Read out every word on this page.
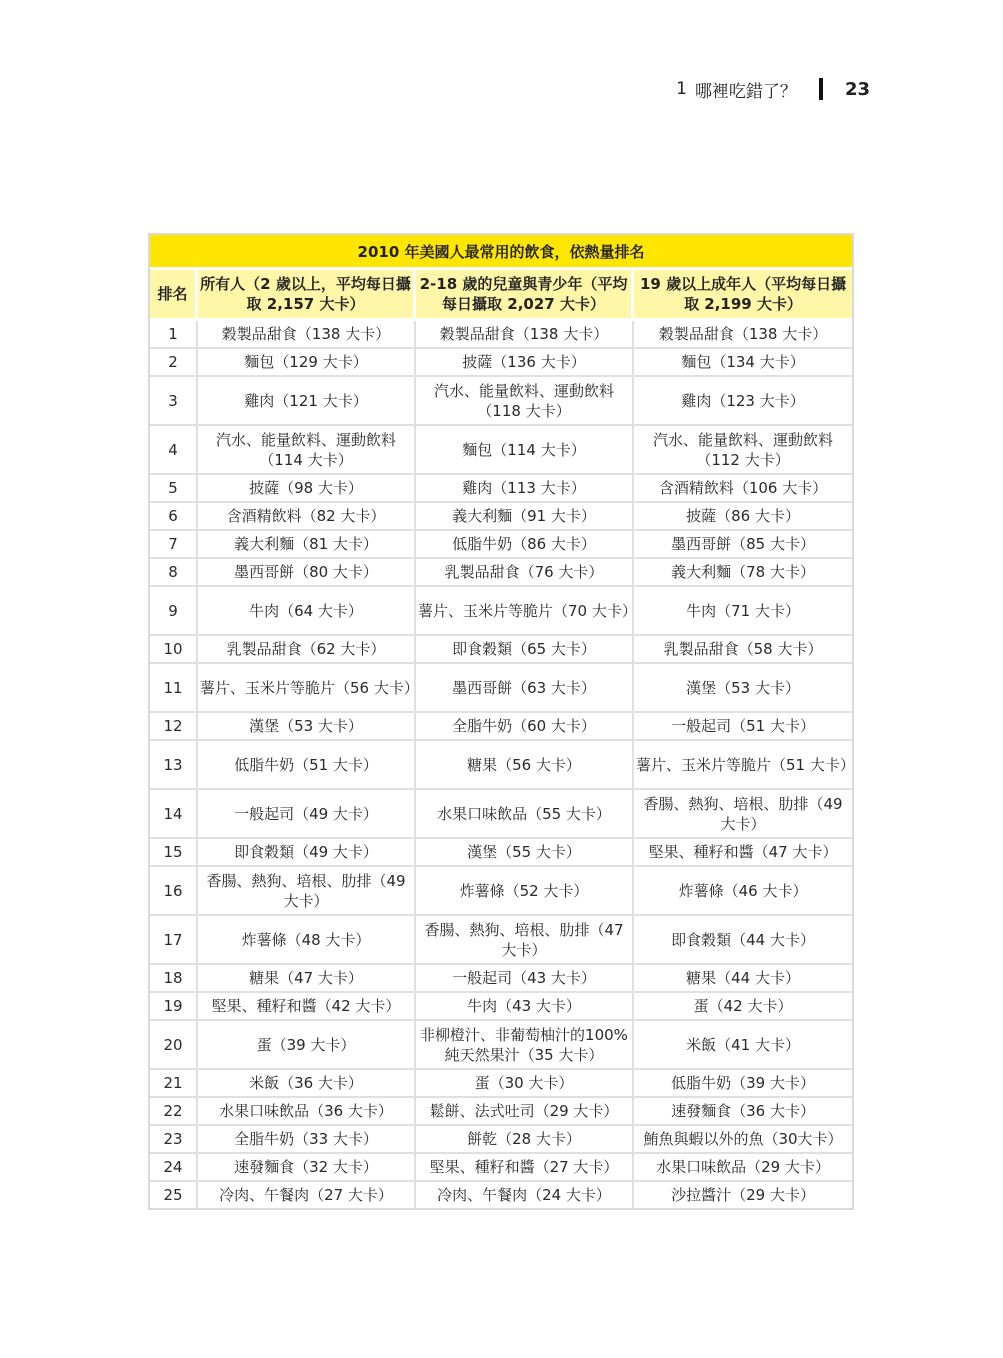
1 哪裡吃錯了？	23
2010 年美國人最常用的飲食，依熱量排名			
排名	所有人（2 歲以上，平均每日攝取 2,157 大卡）	2-18 歲的兒童與青少年（平均每日攝取 2,027 大卡）	19 歲以上成年人（平均每日攝取 2,199 大卡）
1	穀製品甜食（138 大卡）	穀製品甜食（138 大卡）	穀製品甜食（138 大卡）
2	麵包（129 大卡）	披薩（136 大卡）	麵包（134 大卡）
3	雞肉（121 大卡）	汽水、能量飲料、運動飲料（118 大卡）	雞肉（123 大卡）
4	汽水、能量飲料、運動飲料（114 大卡）	麵包（114 大卡）	汽水、能量飲料、運動飲料（112 大卡）
5	披薩（98 大卡）	雞肉（113 大卡）	含酒精飲料（106 大卡）
6	含酒精飲料（82 大卡）	義大利麵（91 大卡）	披薩（86 大卡）
7	義大利麵（81 大卡）	低脂牛奶（86 大卡）	墨西哥餅（85 大卡）
8	墨西哥餅（80 大卡）	乳製品甜食（76 大卡）	義大利麵（78 大卡）
9	牛肉（64 大卡）	薯片、玉米片等脆片（70 大卡）	牛肉（71 大卡）
10	乳製品甜食（62 大卡）	即食穀類（65 大卡）	乳製品甜食（58 大卡）
11	薯片、玉米片等脆片（56 大卡）	墨西哥餅（63 大卡）	漢堡（53 大卡）
12	漢堡（53 大卡）	全脂牛奶（60 大卡）	一般起司（51 大卡）
13	低脂牛奶（51 大卡）	糖果（56 大卡）	薯片、玉米片等脆片（51 大卡）
14	一般起司（49 大卡）	水果口味飲品（55 大卡）	香腸、熱狗、培根、肋排（49 大卡）
15	即食穀類（49 大卡）	漢堡（55 大卡）	堅果、種籽和醬（47 大卡）
16	香腸、熱狗、培根、肋排（49 大卡）	炸薯條（52 大卡）	炸薯條（46 大卡）
17	炸薯條（48 大卡）	香腸、熱狗、培根、肋排（47 大卡）	即食穀類（44 大卡）
18	糖果（47 大卡）	一般起司（43 大卡）	糖果（44 大卡）
19	堅果、種籽和醬（42 大卡）	牛肉（43 大卡）	蛋（42 大卡）
20	蛋（39 大卡）	非柳橙汁、非葡萄柚汁的100% 純天然果汁（35 大卡）	米飯（41 大卡）
21	米飯（36 大卡）	蛋（30 大卡）	低脂牛奶（39 大卡）
22	水果口味飲品（36 大卡）	鬆餅、法式吐司（29 大卡）	速發麵食（36 大卡）
23	全脂牛奶（33 大卡）	餅乾（28 大卡）	鮪魚與蝦以外的魚（30大卡）
24	速發麵食（32 大卡）	堅果、種籽和醬（27 大卡）	水果口味飲品（29 大卡）
25	冷肉、午餐肉（27 大卡）	冷肉、午餐肉（24 大卡）	沙拉醬汁（29 大卡）
